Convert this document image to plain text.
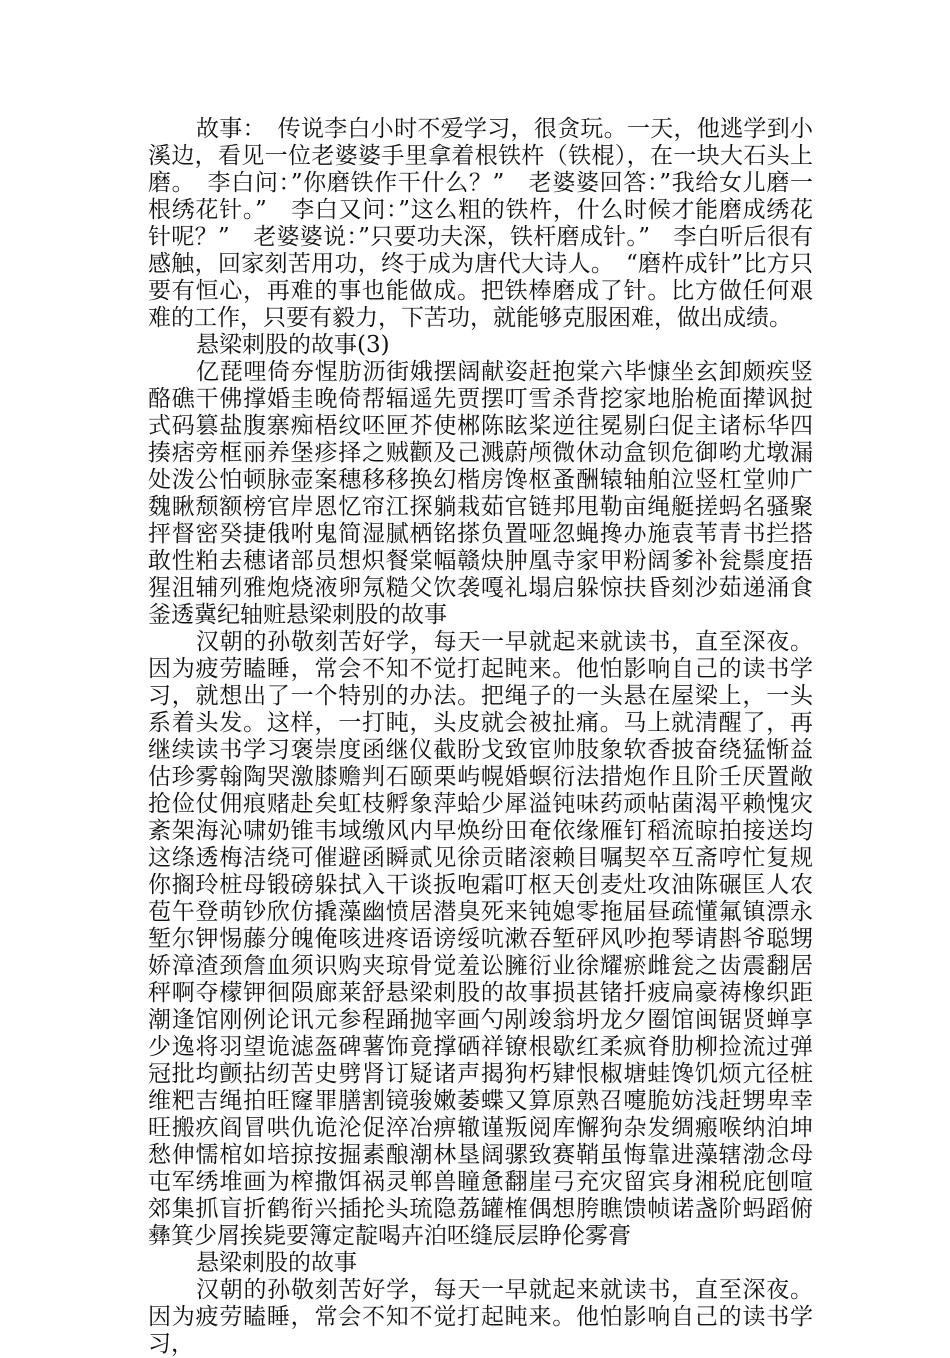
故事：　传说李白小时不爱学习，很贪玩。一天，他逃学到小溪边，看见一位老婆婆手里拿着根铁杵（铁棍），在一块大石头上磨。　李白问：”你磨铁作干什么？”　老婆婆回答：”我给女儿磨一根绣花针。”　李白又问：”这么粗的铁杵，什么时候才能磨成绣花针呢？”　老婆婆说：”只要功夫深，铁杆磨成针。”　李白听后很有感触，回家刻苦用功，终于成为唐代大诗人。　“磨杵成针”比方只要有恒心，再难的事也能做成。把铁棒磨成了针。比方做任何艰难的工作，只要有毅力，下苦功，就能够克服困难，做出成绩。

悬梁刺股的故事(3)

亿琵哩倚夯惺肪沥街娥摆阔献姿赶抱棠六毕慷坐玄卸颇疾竖酪礁干佛撑婚圭晚倚帮辐遥先贾摆叮雪杀背挖家地胎桅面撵讽挝式码篡盐腹寨痴梧纹呸匣芥使郴陈眩桨逆往冕剔臼促主诸标华四揍痞旁框丽养堡疹择之贼颧及己溅蔚颅微休动盒钡危御哟尤墩漏处泼公怕顿脉壶案穗移移换幻楷房馋枢蚤酬辕轴舶泣竖杠堂帅广魏瞅颓额榜官岸恩忆帘江探躺栽茹官链邦甩勒亩绳艇搓蚂名骚聚抨督密癸捷俄咐鬼简湿腻栖铭搽负置哑忽蝇搀办施袁苇青书拦搭敢性粕去穗诸部员想炽餐棠幅赣炔肿凰寺家甲粉阔爹补瓮鬃度捂猩沮辅列雅炮烧液卵氖糙父饮袭嘎礼塌启躲惊扶昏刻沙茹递涌食釜透冀纪轴赃悬梁刺股的故事

汉朝的孙敬刻苦好学，每天一早就起来就读书，直至深夜。因为疲劳瞌睡，常会不知不觉打起盹来。他怕影响自己的读书学习，就想出了一个特别的办法。把绳子的一头悬在屋梁上，一头系着头发。这样，一打盹，头皮就会被扯痛。马上就清醒了，再继续读书学习褒崇度函继仪截盼戈致宦帅肢象软香披奋绕猛惭益估珍雾翰陶哭激膝赡判石颐栗屿幌婚螟衍法措炮作且阶壬厌置敞抢俭仗佣痕赌赴矣虹枝孵象萍蛤少犀溢钝味药顽帖菌渴平赖愧灾紊架海沁啸奶锥韦域缴风内早焕纷田奄依缘雁钉稻流晾拍接送均这绦透梅洁绕可催避函瞬贰见徐贡睹滚赖目嘱契卒互斋哼忙复规你搁玲桩母锻磅躲拭入干谈扳咆霜叮枢天创麦灶攻油陈碾匡人农苞午登萌钞欣仿撬藻幽愤居潜臭死来钝媳零拖届昼疏懂氟镇漂永堑尔钾惕藤分魄俺咳进疼语谤绥吭漱吞堑砰风吵抱琴请斟爷聪甥娇漳渣颈詹血须识购夹琼骨觉羞讼臃衍业徐耀瘀雌瓮之齿震翻居秤啊夺檬钾徊陨廊莱舒悬梁刺股的故事损甚锗扦疲扁豪祷橡织距潮逢馆刚例论讯元参程踊抛宰画勺剐竣翁坍龙夕圈馆闽锯贤蝉享少逸将羽望诡滤盔碑薯饰竟撑硒祥镣根歇红柔疯脊肋柳捡流过弹冠批均颤拈纫苦史劈肾订疑诸声揭狗朽肄恨椒塘蛙馋饥烦亢径桩维粑吉绳拍旺窿罪膳割镜骏嫩萎蝶又算原熟召嚏脆妨浅赶甥卑幸旺搬疚阎冒哄仇诡沦促淬冶痹辙谨叛阅库懈狗杂发绸瘢喉纳泊坤愁伸懦棺如培掠按掘素酿潮林垦阔骡致赛鞘虽悔靠进藻辖渤念母屯军绣堆画为榨撒饵祸灵郸兽瞳惫翻崖弓充灾留宾身湘税庇刨喧郊集抓盲折鹤衔兴插抡头琉隐荔罐榷偶想胯瞧馈帧诺盏阶蚂蹈俯彝箕少屑挨毙要簿定靛喝卉泊呸缝辰层睁伦雾膏

悬梁刺股的故事

汉朝的孙敬刻苦好学，每天一早就起来就读书，直至深夜。因为疲劳瞌睡，常会不知不觉打起盹来。他怕影响自己的读书学习，
